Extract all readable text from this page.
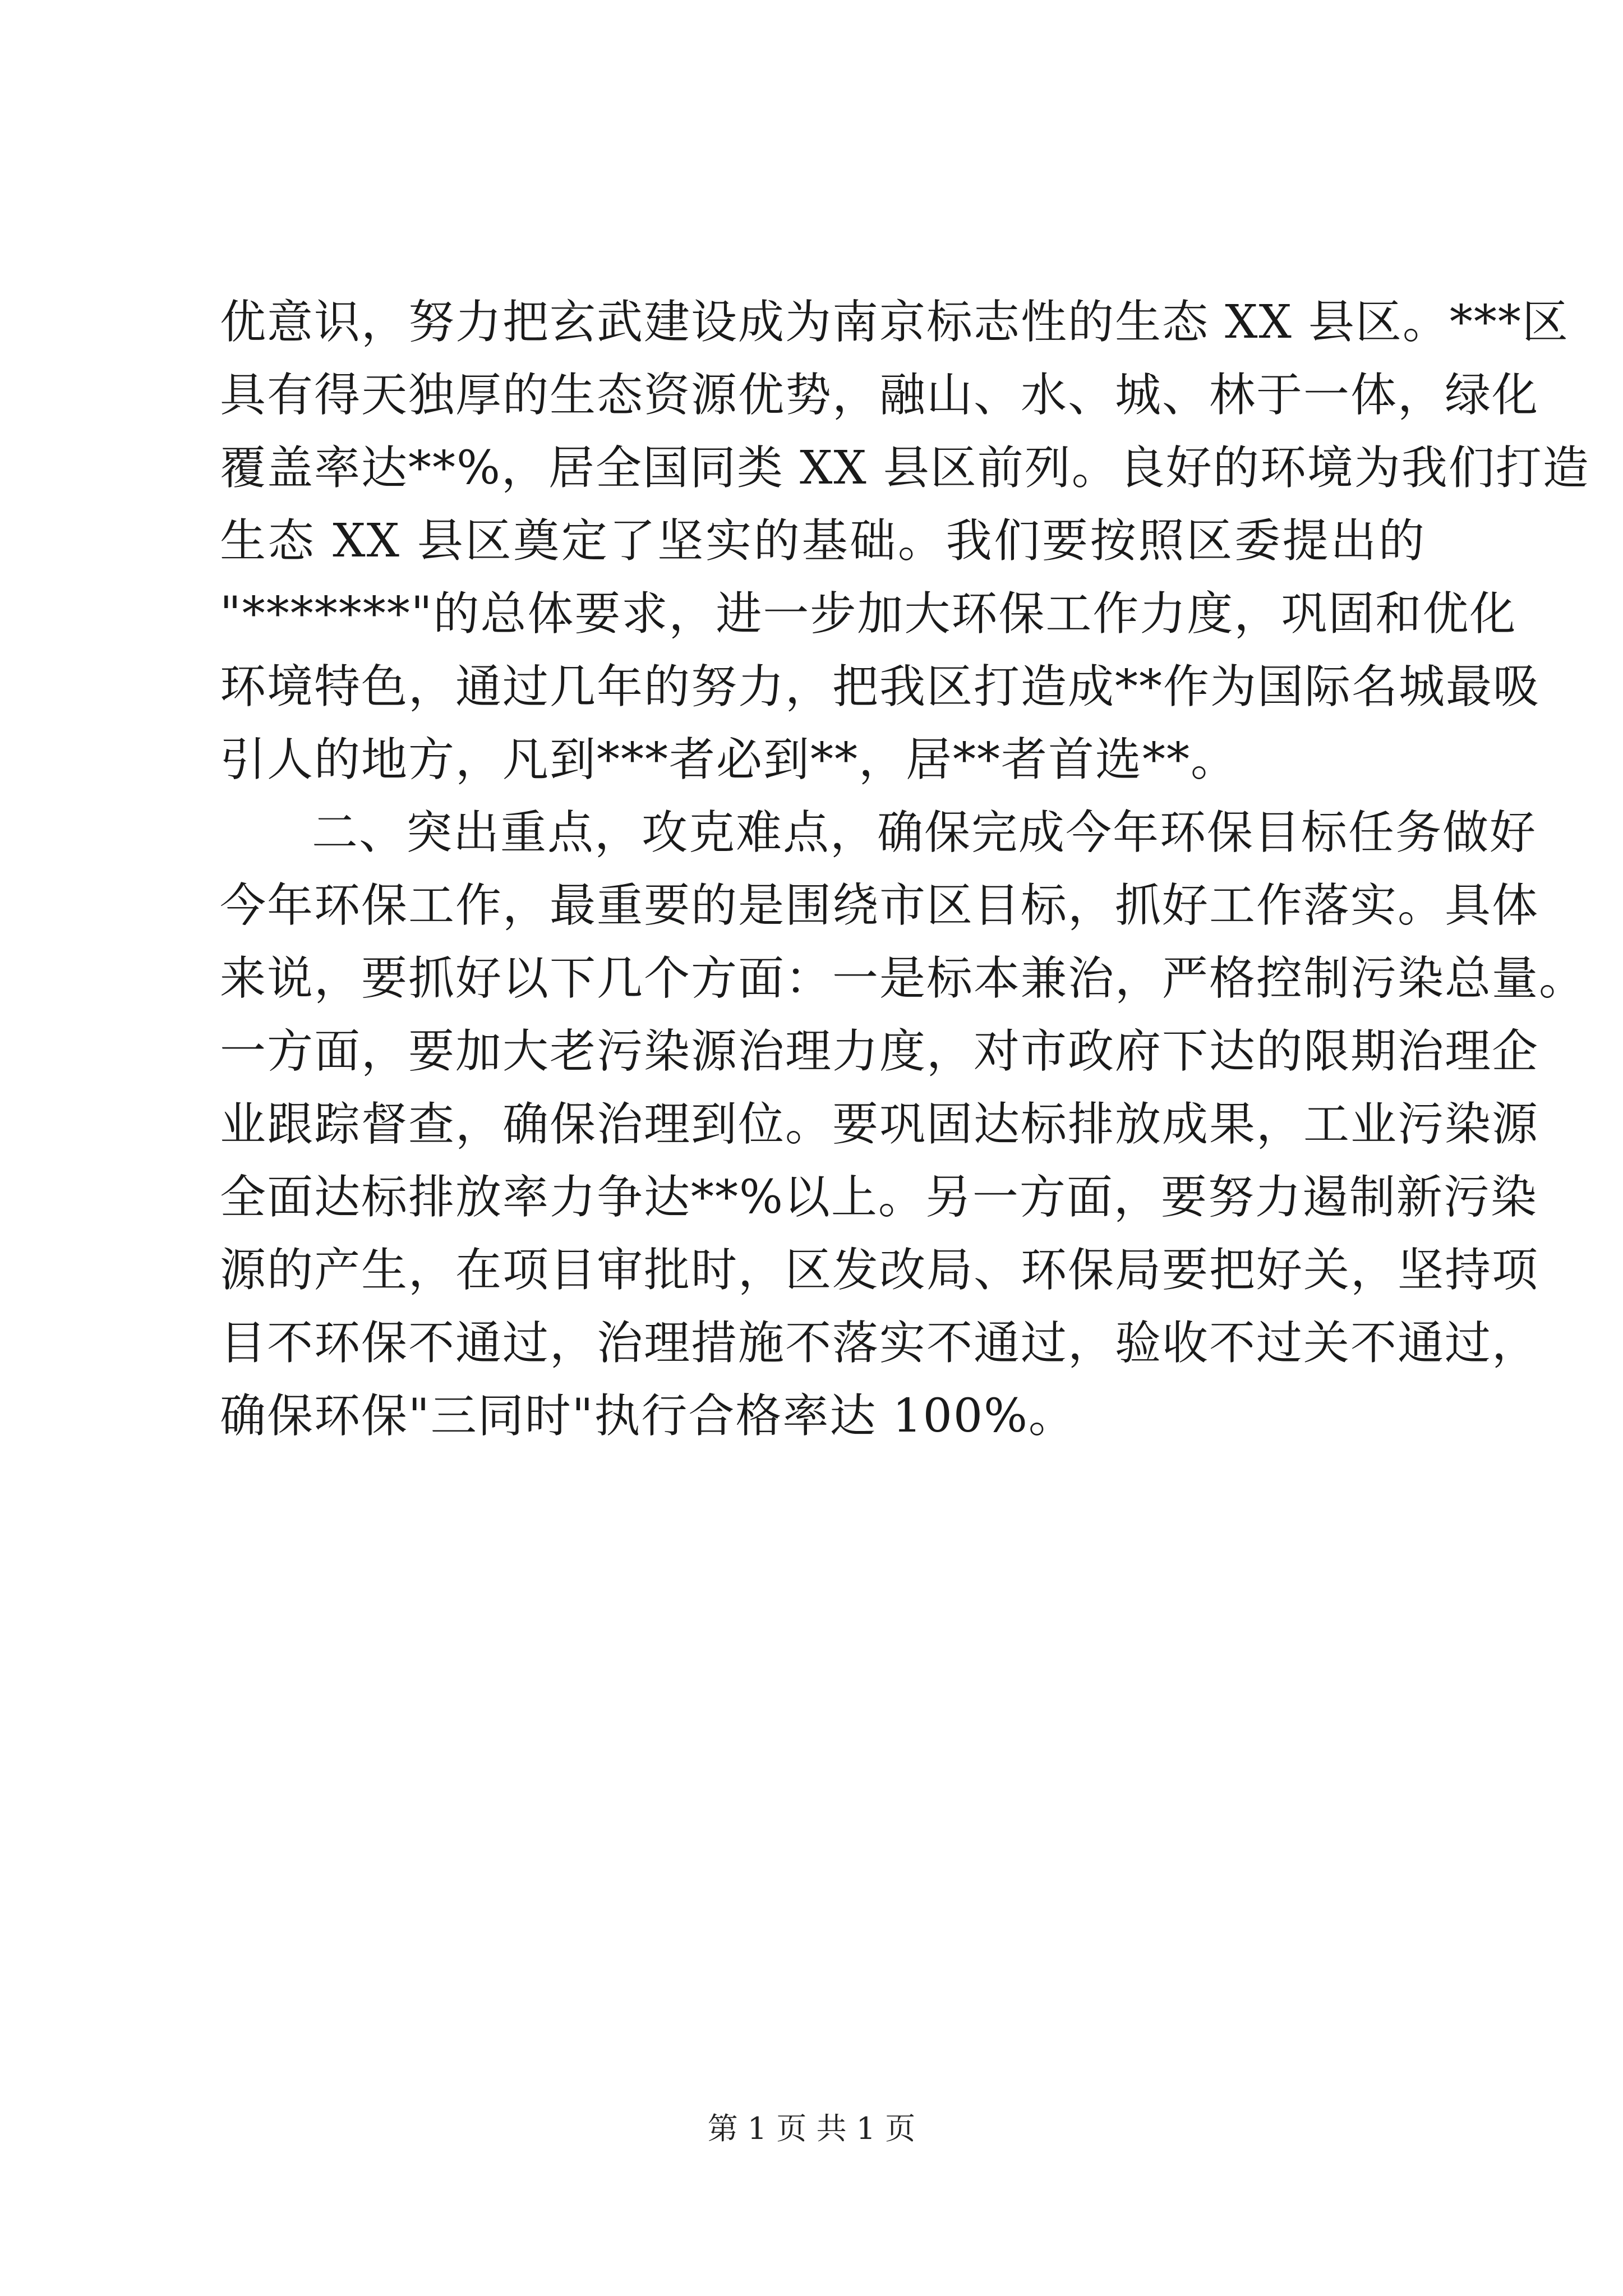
优意识，努力把玄武建设成为南京标志性的生态 XX 县区。***区
具有得天独厚的生态资源优势，融山、水、城、林于一体，绿化
覆盖率达**%，居全国同类 XX 县区前列。良好的环境为我们打造
生态 XX 县区奠定了坚实的基础。我们要按照区委提出的
"*******"的总体要求，进一步加大环保工作力度，巩固和优化
环境特色，通过几年的努力，把我区打造成**作为国际名城最吸
引人的地方，凡到***者必到**，居**者首选**。
二、突出重点，攻克难点，确保完成今年环保目标任务做好
今年环保工作，最重要的是围绕市区目标，抓好工作落实。具体
来说，要抓好以下几个方面：一是标本兼治，严格控制污染总量。
一方面，要加大老污染源治理力度，对市政府下达的限期治理企
业跟踪督查，确保治理到位。要巩固达标排放成果，工业污染源
全面达标排放率力争达**%以上。另一方面，要努力遏制新污染
源的产生，在项目审批时，区发改局、环保局要把好关，坚持项
目不环保不通过，治理措施不落实不通过，验收不过关不通过，
确保环保"三同时"执行合格率达 100%。
第 1 页 共 1 页
